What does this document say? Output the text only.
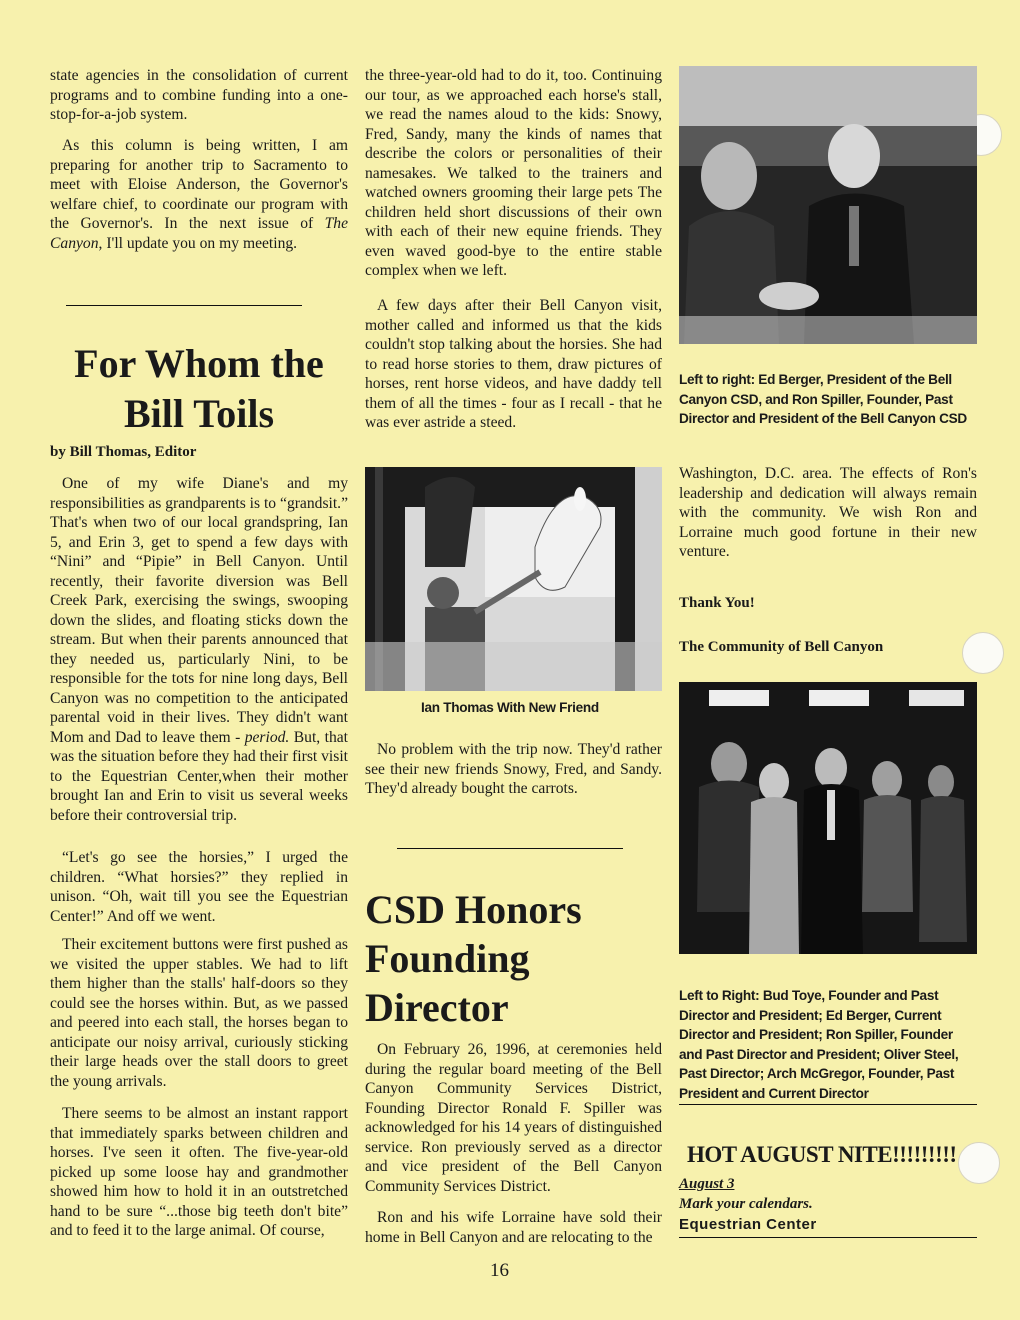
state agencies in the consolidation of current programs and to combine funding into a one-stop-for-a-job system.

As this column is being written, I am preparing for another trip to Sacramento to meet with Eloise Anderson, the Governor's welfare chief, to coordinate our program with the Governor's. In the next issue of The Canyon, I'll update you on my meeting.

For Whom the

Bill Toils

by Bill Thomas, Editor

One of my wife Diane's and my responsibilities as grandparents is to “grandsit.” That's when two of our local grandspring, Ian 5, and Erin 3, get to spend a few days with “Nini” and “Pipie” in Bell Canyon. Until recently, their favorite diversion was Bell Creek Park, exercising the swings, swooping down the slides, and floating sticks down the stream. But when their parents announced that they needed us, particularly Nini, to be responsible for the tots for nine long days, Bell Canyon was no competition to the anticipated parental void in their lives. They didn't want Mom and Dad to leave them - period. But, that was the situation before they had their first visit to the Equestrian Center,when their mother brought Ian and Erin to visit us several weeks before their controversial trip.

“Let's go see the horsies,” I urged the children. “What horsies?” they replied in unison. “Oh, wait till you see the Equestrian Center!” And off we went.

Their excitement buttons were first pushed as we visited the upper stables. We had to lift them higher than the stalls' half-doors so they could see the horses within. But, as we passed and peered into each stall, the horses began to anticipate our noisy arrival, curiously sticking their large heads over the stall doors to greet the young arrivals.

There seems to be almost an instant rapport that immediately sparks between children and horses. I've seen it often. The five-year-old picked up some loose hay and grandmother showed him how to hold it in an outstretched hand to be sure “...those big teeth don't bite” and to feed it to the large animal. Of course,

the three-year-old had to do it, too. Continuing our tour, as we approached each horse's stall, we read the names aloud to the kids: Snowy, Fred, Sandy, many the kinds of names that describe the colors or personalities of their namesakes. We talked to the trainers and watched owners grooming their large pets The children held short discussions of their own with each of their new equine friends. They even waved good-bye to the entire stable complex when we left.

A few days after their Bell Canyon visit, mother called and informed us that the kids couldn't stop talking about the horsies. She had to read horse stories to them, draw pictures of horses, rent horse videos, and have daddy tell them of all the times - four as I recall - that he was ever astride a steed.

Ian Thomas With New Friend

No problem with the trip now. They'd rather see their new friends Snowy, Fred, and Sandy. They'd already bought the carrots.

CSD Honors Founding Director

On February 26, 1996, at ceremonies held during the regular board meeting of the Bell Canyon Community Services District, Founding Director Ronald F. Spiller was acknowledged for his 14 years of distinguished service. Ron previously served as a director and vice president of the Bell Canyon Community Services District.

Ron and his wife Lorraine have sold their home in Bell Canyon and are relocating to the

Left to right: Ed Berger, President of the Bell Canyon CSD, and Ron Spiller, Founder, Past Director and President of the Bell Canyon CSD

Washington, D.C. area. The effects of Ron's leadership and dedication will always remain with the community. We wish Ron and Lorraine much good fortune in their new venture.

Thank You!

The Community of Bell Canyon

Left to Right: Bud Toye, Founder and Past Director and President; Ed Berger, Current Director and President; Ron Spiller, Founder and Past Director and President; Oliver Steel, Past Director; Arch McGregor, Founder, Past President and Current Director

HOT AUGUST NITE!!!!!!!!!

August 3

Mark your calendars.

Equestrian Center

16
